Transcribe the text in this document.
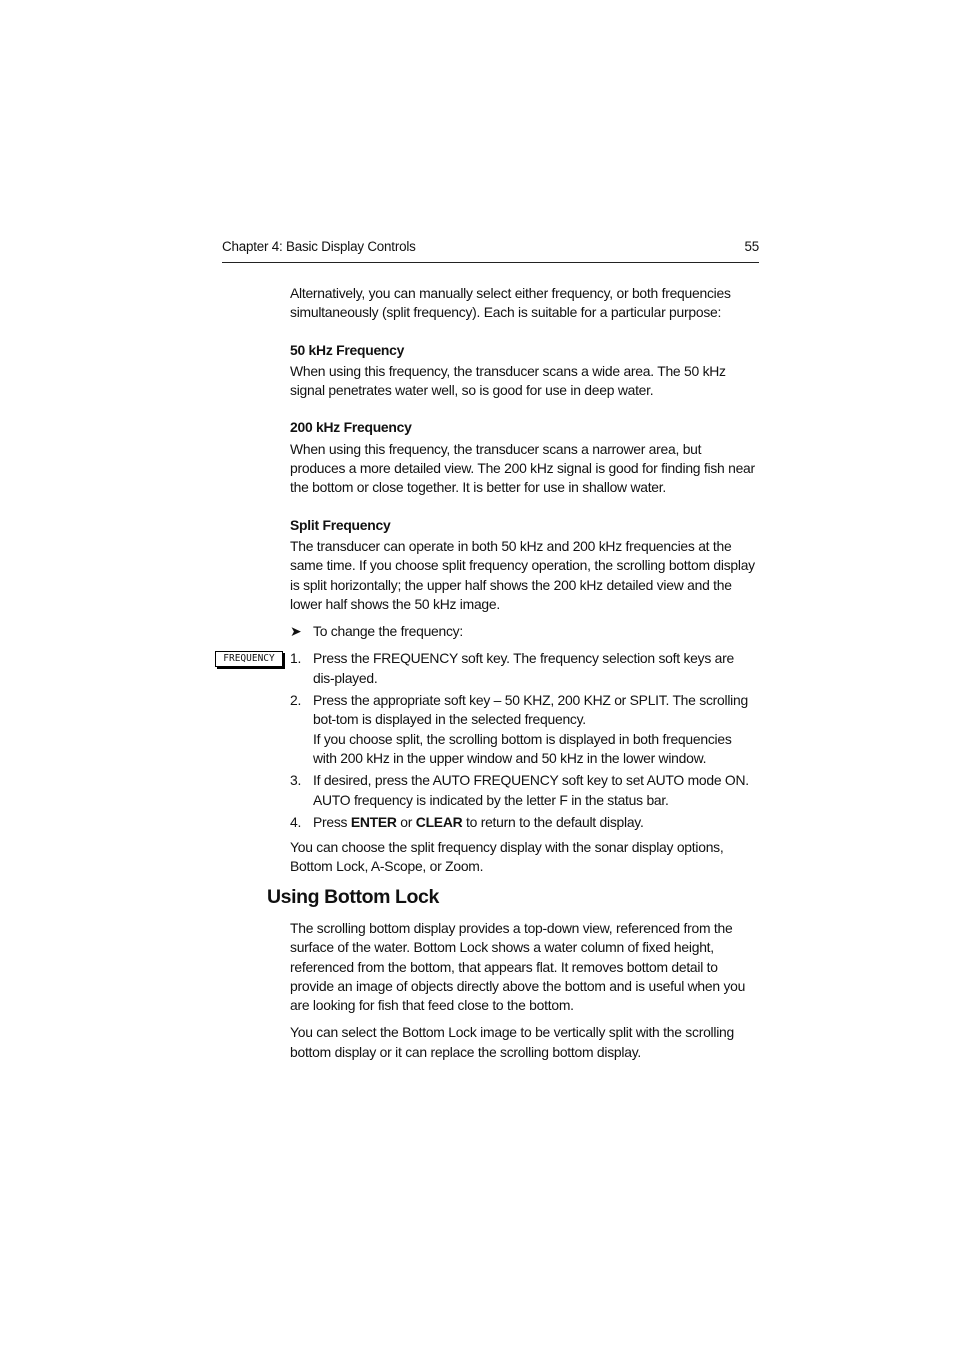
Chapter 4: Basic Display Controls	55
FREQUENCY

Alternatively, you can manually select either frequency, or both frequencies simultaneously (split frequency). Each is suitable for a particular purpose:

50 kHz Frequency

When using this frequency, the transducer scans a wide area. The 50 kHz signal penetrates water well, so is good for use in deep water.

200 kHz Frequency

When using this frequency, the transducer scans a narrower area, but produces a more detailed view. The 200 kHz signal is good for finding fish near the bottom or close together. It is better for use in shallow water.

Split Frequency

The transducer can operate in both 50 kHz and 200 kHz frequencies at the same time. If you choose split frequency operation, the scrolling bottom display is split horizontally; the upper half shows the 200 kHz detailed view and the lower half shows the 50 kHz image.

➤ To change the frequency:
1. Press the FREQUENCY soft key. The frequency selection soft keys are dis-played.
2. Press the appropriate soft key – 50 KHZ, 200 KHZ or SPLIT. The scrolling bot-tom is displayed in the selected frequency.
If you choose split, the scrolling bottom is displayed in both frequencies with 200 kHz in the upper window and 50 kHz in the lower window.
3. If desired, press the AUTO FREQUENCY soft key to set AUTO mode ON. AUTO frequency is indicated by the letter F in the status bar.
4. Press ENTER or CLEAR to return to the default display.

You can choose the split frequency display with the sonar display options, Bottom Lock, A-Scope, or Zoom.

Using Bottom Lock

The scrolling bottom display provides a top-down view, referenced from the surface of the water. Bottom Lock shows a water column of fixed height, referenced from the bottom, that appears flat. It removes bottom detail to provide an image of objects directly above the bottom and is useful when you are looking for fish that feed close to the bottom.

You can select the Bottom Lock image to be vertically split with the scrolling bottom display or it can replace the scrolling bottom display.
